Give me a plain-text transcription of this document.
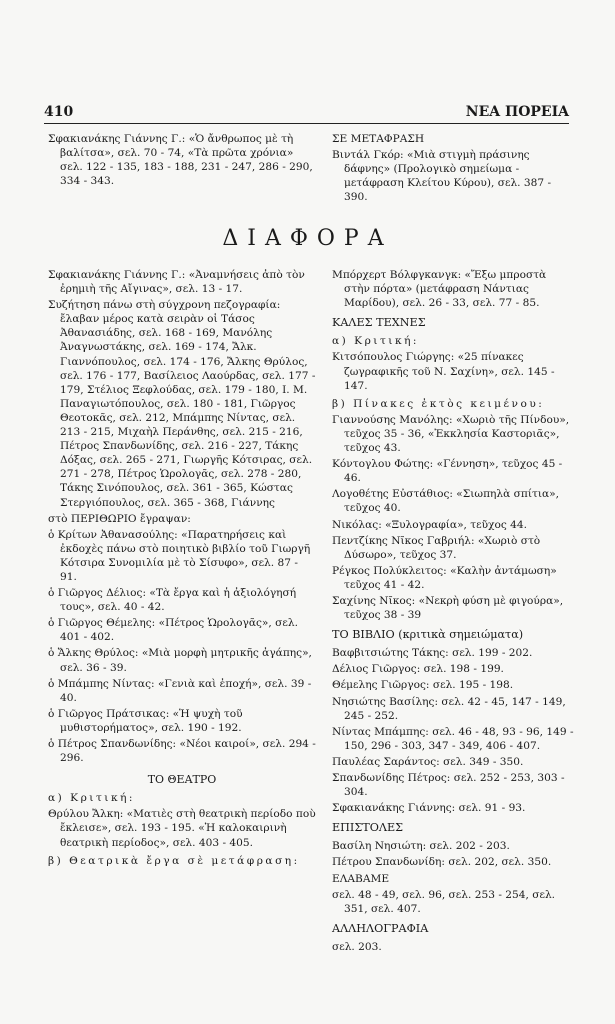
410	ΝΕΑ ΠΟΡΕΙΑ
Σφακιανάκης Γιάννης Γ.: «Ὁ ἄνθρωπος μὲ τὴ βαλίτσα», σελ. 70 - 74, «Τὰ πρῶτα χρόνια» σελ. 122 - 135, 183 - 188, 231 - 247, 286 - 290, 334 - 343.
ΣΕ ΜΕΤΑΦΡΑΣΗ
Βιντάλ Γκόρ: «Μιὰ στιγμὴ πράσινης δάφνης» (Προλογικὸ σημείωμα - μετάφραση Κλείτου Κύρου), σελ. 387 - 390.
ΔΙΑΦΟΡΑ
Σφακιανάκης Γιάννης Γ.: «Ἀναμνήσεις ἀπὸ τὸν ἐρημιὴ τῆς Αἴγινας», σελ. 13 - 17.
Συζήτηση πάνω στὴ σύγχρονη πεζογραφία: ἔλαβαν μέρος κατὰ σειρὰν οἱ Τάσος Ἀθανασιάδης, σελ. 168 - 169, Μανόλης Ἀναγνωστάκης, σελ. 169 - 174, Ἄλκ. Γιαννόπουλος, σελ. 174 - 176, Ἄλκης Θρύλος, σελ. 176 - 177, Βασίλειος Λαούρδας, σελ. 177 - 179, Στέλιος Ξεφλούδας, σελ. 179 - 180, Ι. Μ. Παναγιωτόπουλος, σελ. 180 - 181, Γιῶργος Θεοτοκᾶς, σελ. 212, Μπάμπης Νίντας, σελ. 213 - 215, Μιχαὴλ Περάνθης, σελ. 215 - 216, Πέτρος Σπανδωνίδης, σελ. 216 - 227, Τάκης Δόξας, σελ. 265 - 271, Γιωργῆς Κότσιρας, σελ. 271 - 278, Πέτρος Ὡρολογᾶς, σελ. 278 - 280, Τάκης Σινόπουλος, σελ. 361 - 365, Κώστας Στεργιόπουλος, σελ. 365 - 368, Γιάννης
στὸ ΠΕΡΙΘΩΡΙΟ ἔγραψαν:
ὁ Κρίτων Ἀθανασούλης: «Παρατηρήσεις καὶ ἐκδοχὲς πάνω στὸ ποιητικὸ βιβλίο τοῦ Γιωργῆ Κότσιρα Συνομιλία μὲ τὸ Σίσυφο», σελ. 87 - 91.
ὁ Γιῶργος Δέλιος: «Τὰ ἔργα καὶ ἡ ἀξιολόγησή τους», σελ. 40 - 42.
ὁ Γιῶργος Θέμελης: «Πέτρος Ὡρολογᾶς», σελ. 401 - 402.
ὁ Ἄλκης Θρύλος: «Μιὰ μορφὴ μητρικῆς ἀγάπης», σελ. 36 - 39.
ὁ Μπάμπης Νίντας: «Γενιὰ καὶ ἐποχή», σελ. 39 - 40.
ὁ Γιῶργος Πράτσικας: «Ἡ ψυχὴ τοῦ μυθιστορήματος», σελ. 190 - 192.
ὁ Πέτρος Σπανδωνίδης: «Νέοι καιροί», σελ. 294 - 296.
ΤΟ ΘΕΑΤΡΟ
α) Κριτική:
Θρύλου Ἄλκη: «Ματιὲς στὴ θεατρικὴ περίοδο ποὺ ἔκλεισε», σελ. 193 - 195. «Ἡ καλοκαιρινὴ θεατρικὴ περίοδος», σελ. 403 - 405.
β) Θεατρικὰ ἔργα σὲ μετάφραση:
Μπόρχερτ Βόλφγκανγκ: «Ἔξω μπροστὰ στὴν πόρτα» (μετάφραση Νάντιας Μαρίδου), σελ. 26 - 33, σελ. 77 - 85.
ΚΑΛΕΣ ΤΕΧΝΕΣ
α) Κριτική:
Κιτσόπουλος Γιώργης: «25 πίνακες ζωγραφικῆς τοῦ Ν. Σαχίνη», σελ. 145 - 147.
β) Πίνακες ἐκτὸς κειμένου:
Γιαννούσης Μανόλης: «Χωριὸ τῆς Πίνδου», τεῦχος 35 - 36, «Ἐκκλησία Καστοριᾶς», τεῦχος 43.
Κόντογλου Φώτης: «Γέννηση», τεῦχος 45 - 46.
Λογοθέτης Εὐστάθιος: «Σιωπηλὰ σπίτια», τεῦχος 40.
Νικόλας: «Ξυλογραφία», τεῦχος 44.
Πεντζίκης Νῖκος Γαβριήλ: «Χωριὸ στὸ Δύσωρο», τεῦχος 37.
Ρέγκος Πολύκλειτος: «Καλὴν ἀντάμωση» τεῦχος 41 - 42.
Σαχίνης Νῖκος: «Νεκρὴ φύση μὲ φιγούρα», τεῦχος 38 - 39
ΤΟ ΒΙΒΛΙΟ (κριτικὰ σημειώματα)
Βαφβιτσιώτης Τάκης: σελ. 199 - 202.
Δέλιος Γιῶργος: σελ. 198 - 199.
Θέμελης Γιῶργος: σελ. 195 - 198.
Νησιώτης Βασίλης: σελ. 42 - 45, 147 - 149, 245 - 252.
Νίντας Μπάμπης: σελ. 46 - 48, 93 - 96, 149 - 150, 296 - 303, 347 - 349, 406 - 407.
Παυλέας Σαράντος: σελ. 349 - 350.
Σπανδωνίδης Πέτρος: σελ. 252 - 253, 303 - 304.
Σφακιανάκης Γιάννης: σελ. 91 - 93.
ΕΠΙΣΤΟΛΕΣ
Βασίλη Νησιώτη: σελ. 202 - 203.
Πέτρου Σπανδωνίδη: σελ. 202, σελ. 350.
ΕΛΑΒΑΜΕ
σελ. 48 - 49, σελ. 96, σελ. 253 - 254, σελ. 351, σελ. 407.
ΑΛΛΗΛΟΓΡΑΦΙΑ
σελ. 203.
